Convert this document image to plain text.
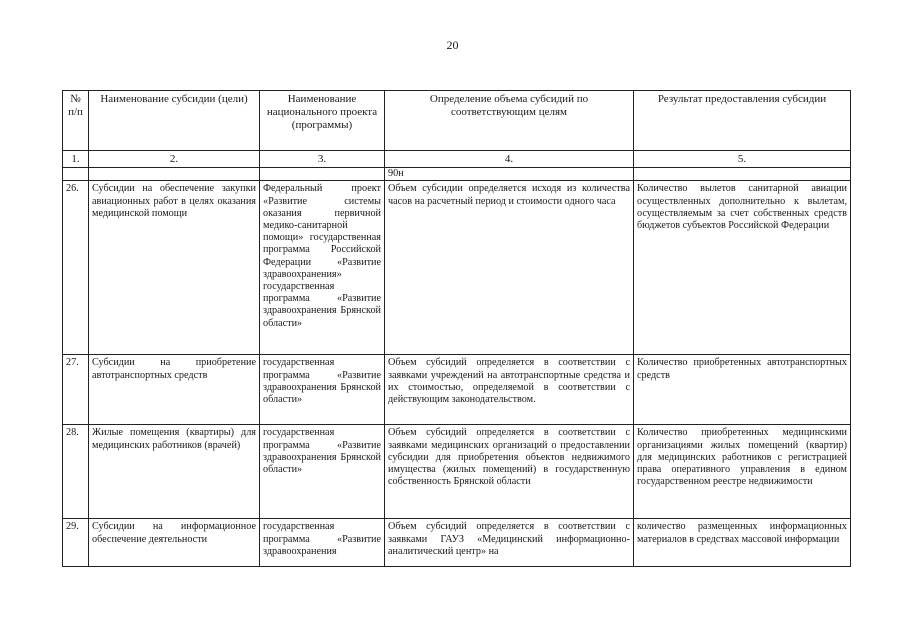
20
№ п/п	Наименование субсидии (цели)	Наименование национального проекта (программы)	Определение объема субсидий по соответствующим целям	Результат предоставления субсидии
1.	2.	3.	4.	5.
			90н	
26.	Субсидии на обеспечение закупки авиационных работ в целях оказания медицинской помощи	Федеральный проект «Развитие системы оказания первичной медико-санитарной помощи» государственная программа Российской Федерации «Развитие здравоохранения» государственная программа «Развитие здравоохранения Брянской области»	Объем субсидии определяется исходя из количества часов на расчетный период и стоимости одного часа	Количество вылетов санитарной авиации осуществленных дополнительно к вылетам, осуществляемым за счет собственных средств бюджетов субъектов Российской Федерации
27.	Субсидии на приобретение автотранспортных средств	государственная программа «Развитие здравоохранения Брянской области»	Объем субсидий определяется в соответствии с заявками учреждений на автотранспортные средства и их стоимостью, определяемой в соответствии с действующим законодательством.	Количество приобретенных автотранспортных средств
28.	Жилые помещения (квартиры) для медицинских работников (врачей)	государственная программа «Развитие здравоохранения Брянской области»	Объем субсидий определяется в соответствии с заявками медицинских организаций о предоставлении субсидии для приобретения объектов недвижимого имущества (жилых помещений) в государственную собственность Брянской области	Количество приобретенных медицинскими организациями жилых помещений (квартир) для медицинских работников с регистрацией права оперативного управления в едином государственном реестре недвижимости
29.	Субсидии на информационное обеспечение деятельности	государственная программа «Развитие здравоохранения	Объем субсидий определяется в соответствии с заявками ГАУЗ «Медицинский информационно-аналитический центр» на	количество размещенных информационных материалов в средствах массовой информации
